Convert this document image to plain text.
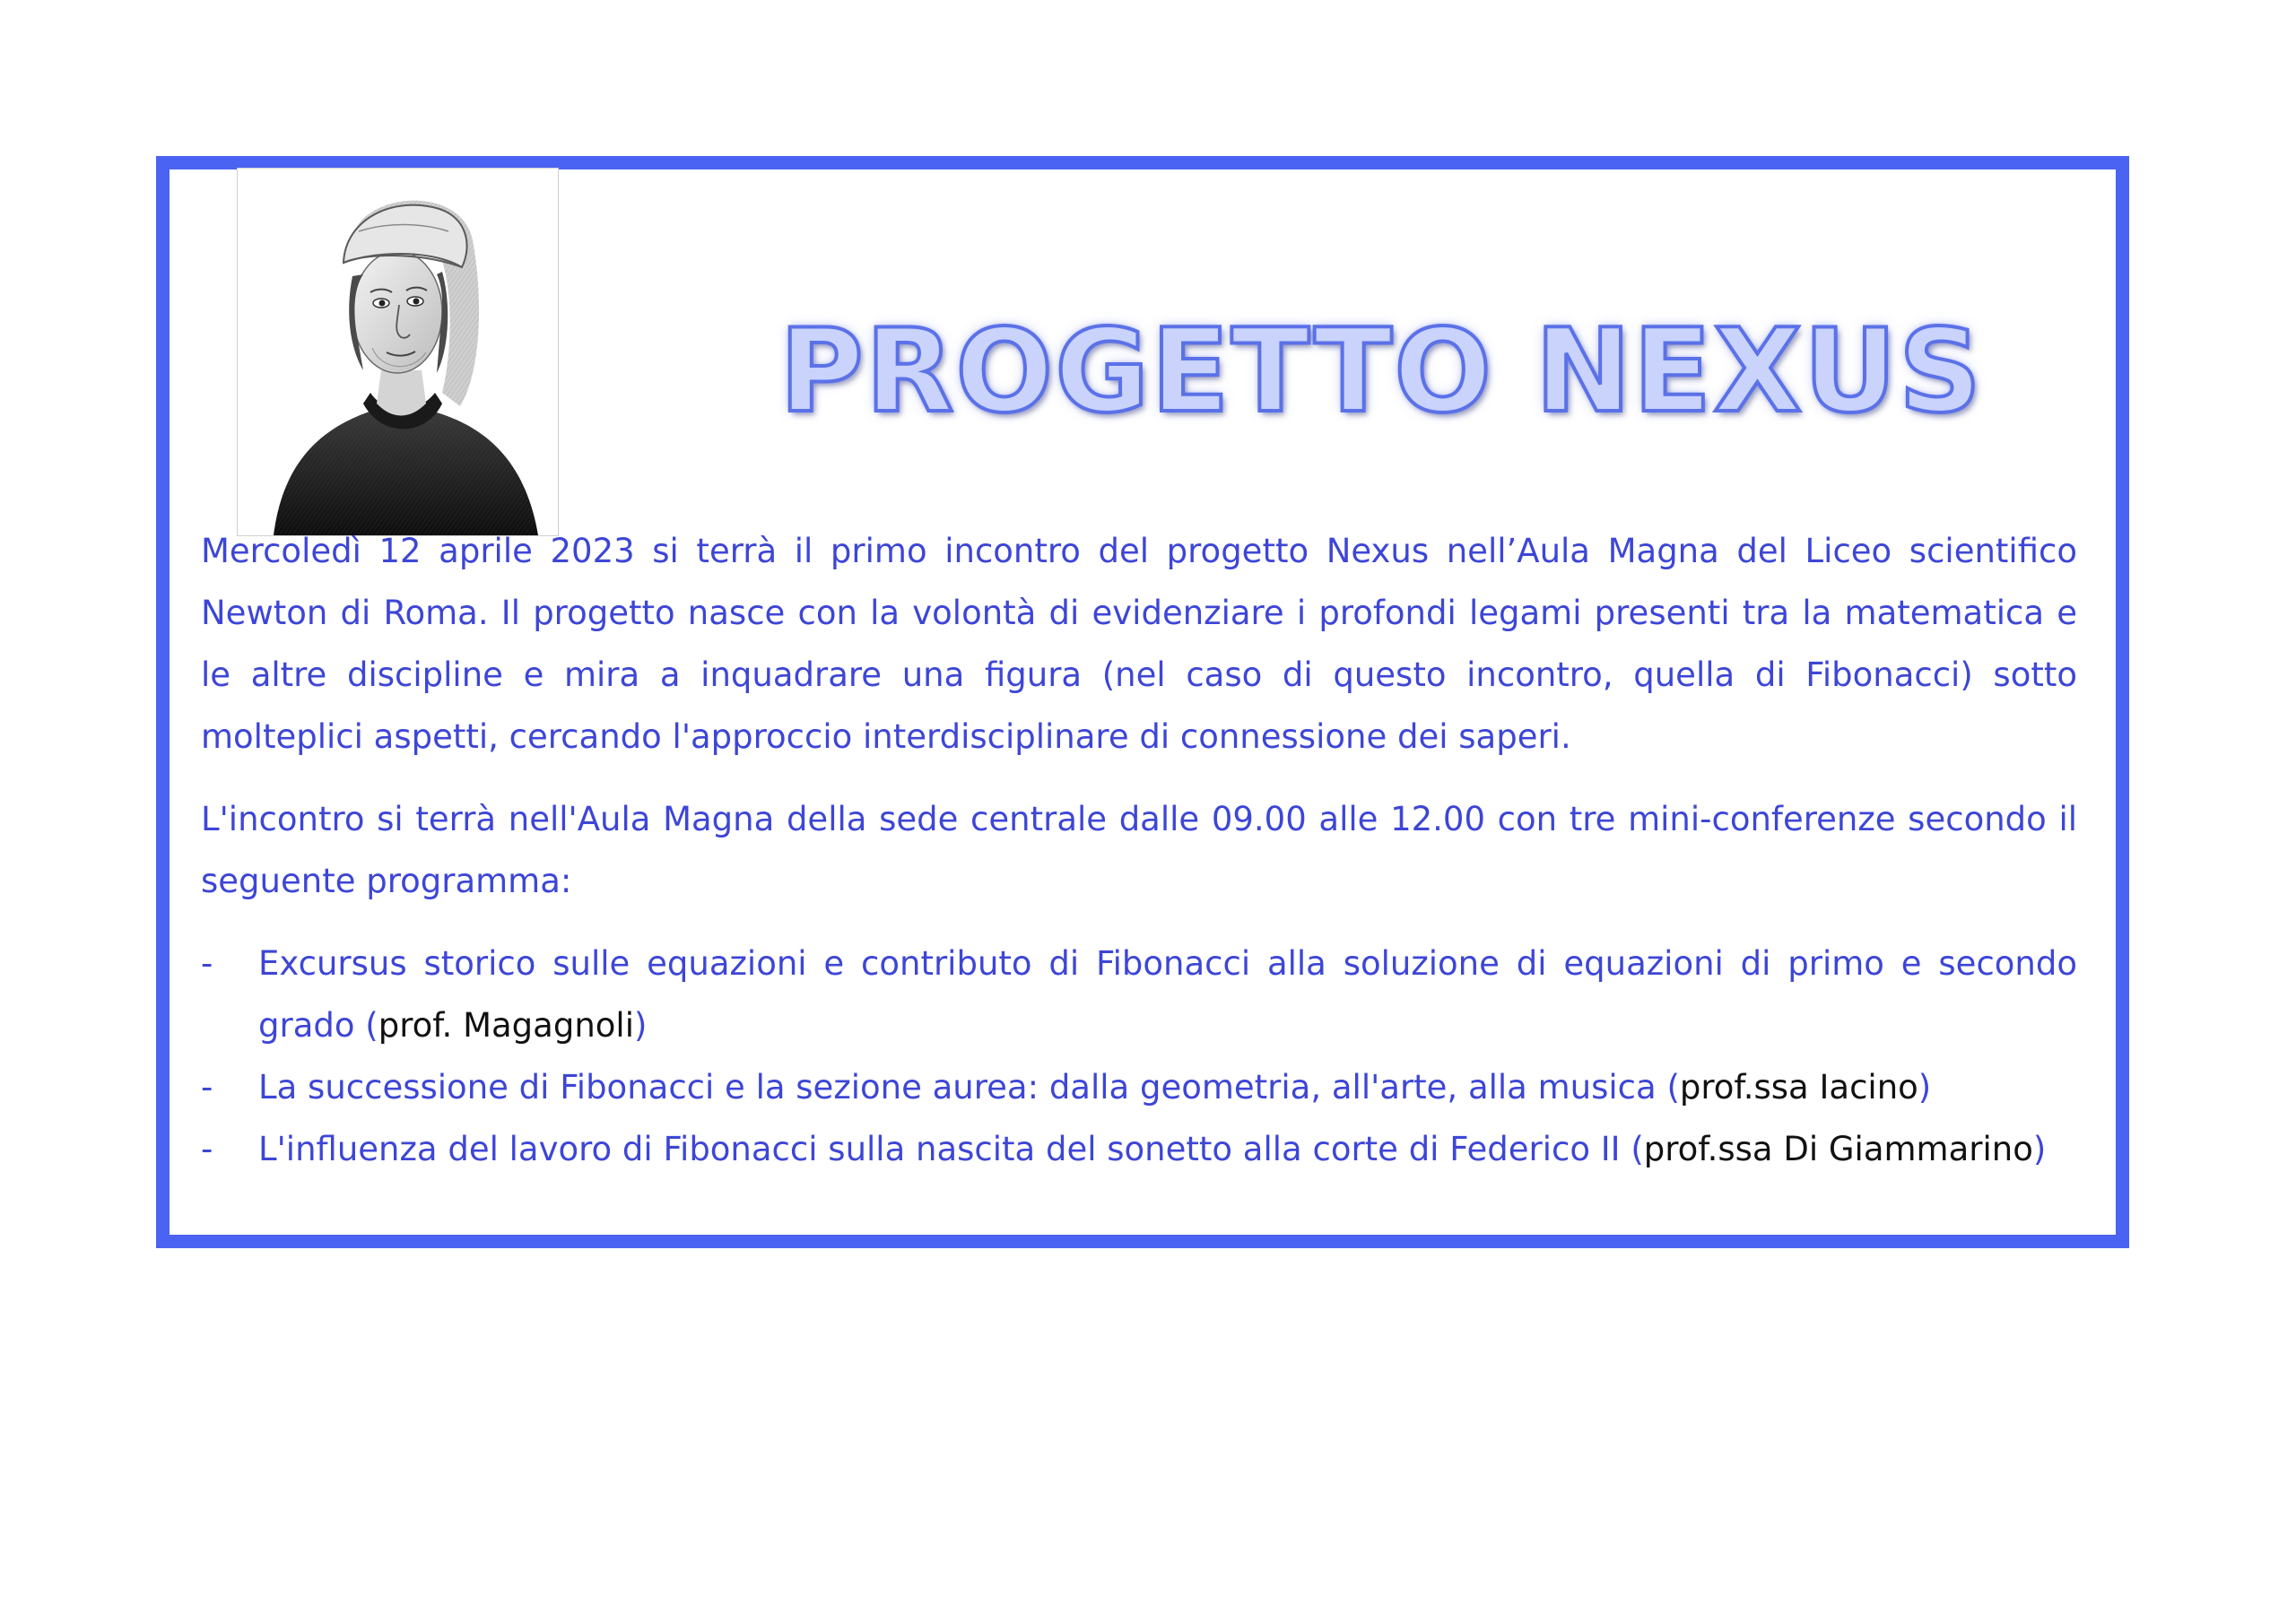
PROGETTO NEXUS

Mercoledì 12 aprile 2023 si terrà il primo incontro del progetto Nexus nell’Aula Magna del Liceo scientifico Newton di Roma. Il progetto nasce con la volontà di evidenziare i profondi legami presenti tra la matematica e le altre discipline e mira a inquadrare una figura (nel caso di questo incontro, quella di Fibonacci) sotto molteplici aspetti, cercando l'approccio interdisciplinare di connessione dei saperi.

L'incontro si terrà nell'Aula Magna della sede centrale dalle 09.00 alle 12.00 con tre mini-conferenze secondo il seguente programma:

- Excursus storico sulle equazioni e contributo di Fibonacci alla soluzione di equazioni di primo e secondo grado (prof. Magagnoli)
- La successione di Fibonacci e la sezione aurea: dalla geometria, all'arte, alla musica (prof.ssa Iacino)
- L'influenza del lavoro di Fibonacci sulla nascita del sonetto alla corte di Federico II (prof.ssa Di Giammarino)
